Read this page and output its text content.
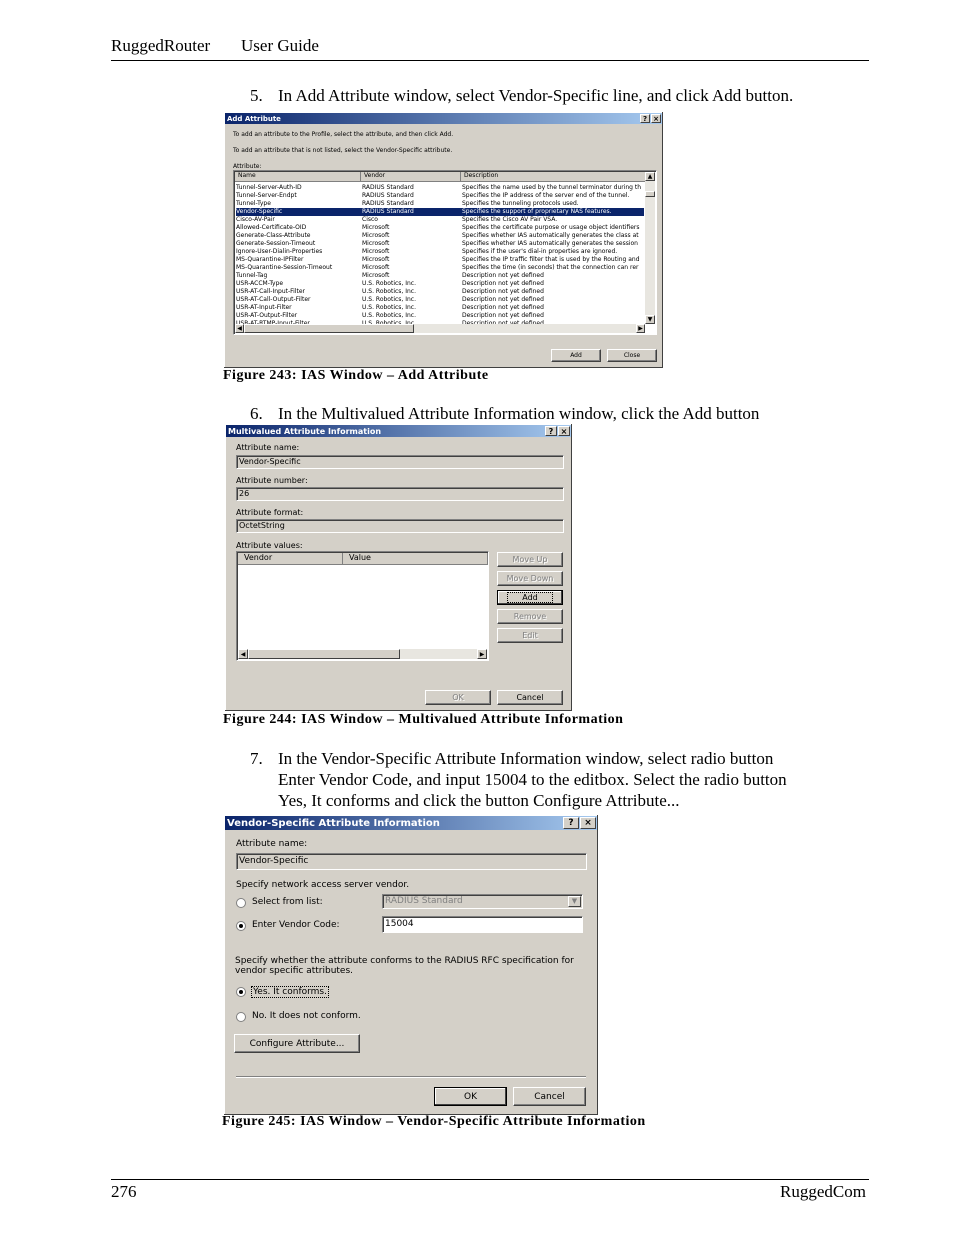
RuggedRouter User Guide
5. In Add Attribute window, select Vendor-Specific line, and click Add button.
Add Attribute	? ×
To add an attribute to the Profile, select the attribute, and then click Add.
To add an attribute that is not listed, select the Vendor-Specific attribute.
Attribute:
Name	Vendor	Description
Tunnel-Server-Auth-ID	RADIUS Standard	Specifies the name used by the tunnel terminator during th
Tunnel-Server-Endpt	RADIUS Standard	Specifies the IP address of the server end of the tunnel.
Tunnel-Type	RADIUS Standard	Specifies the tunneling protocols used.
Vendor-Specific	RADIUS Standard	Specifies the support of proprietary NAS features.
Cisco-AV-Pair	Cisco	Specifies the Cisco AV Pair VSA.
Allowed-Certificate-OID	Microsoft	Specifies the certificate purpose or usage object identifiers
Generate-Class-Attribute	Microsoft	Specifies whether IAS automatically generates the class at
Generate-Session-Timeout	Microsoft	Specifies whether IAS automatically generates the session
Ignore-User-Dialin-Properties	Microsoft	Specifies if the user's dial-in properties are ignored.
MS-Quarantine-IPFilter	Microsoft	Specifies the IP traffic filter that is used by the Routing and
MS-Quarantine-Session-Timeout	Microsoft	Specifies the time (in seconds) that the connection can rer
Tunnel-Tag	Microsoft	Description not yet defined
USR-ACCM-Type	U.S. Robotics, Inc.	Description not yet defined
USR-AT-Call-Input-Filter	U.S. Robotics, Inc.	Description not yet defined
USR-AT-Call-Output-Filter	U.S. Robotics, Inc.	Description not yet defined
USR-AT-Input-Filter	U.S. Robotics, Inc.	Description not yet defined
USR-AT-Output-Filter	U.S. Robotics, Inc.	Description not yet defined
▲
▼
◀	▶
Add	Close
Figure 243: IAS Window – Add Attribute
6. In the Multivalued Attribute Information window, click the Add button
Multivalued Attribute Information	? ×
Attribute name:
Vendor-Specific
Attribute number:
26
Attribute format:
OctetString
Attribute values:
Vendor	Value
◀	▶
Move Up
Move Down
Add
Remove
Edit
OK	Cancel
Figure 244: IAS Window – Multivalued Attribute Information
7. In the Vendor-Specific Attribute Information window, select radio button
Enter Vendor Code, and input 15004 to the editbox. Select the radio button
Yes, It conforms and click the button Configure Attribute...
Vendor-Specific Attribute Information	?	×
Attribute name:
Vendor-Specific
Specify network access server vendor.
Select from list:	RADIUS Standard	▼
Enter Vendor Code:	15004
Specify whether the attribute conforms to the RADIUS RFC specification for
vendor specific attributes.
Yes. It conforms.
No. It does not conform.
Configure Attribute...
OK	Cancel
Figure 245: IAS Window – Vendor-Specific Attribute Information
276	RuggedCom
